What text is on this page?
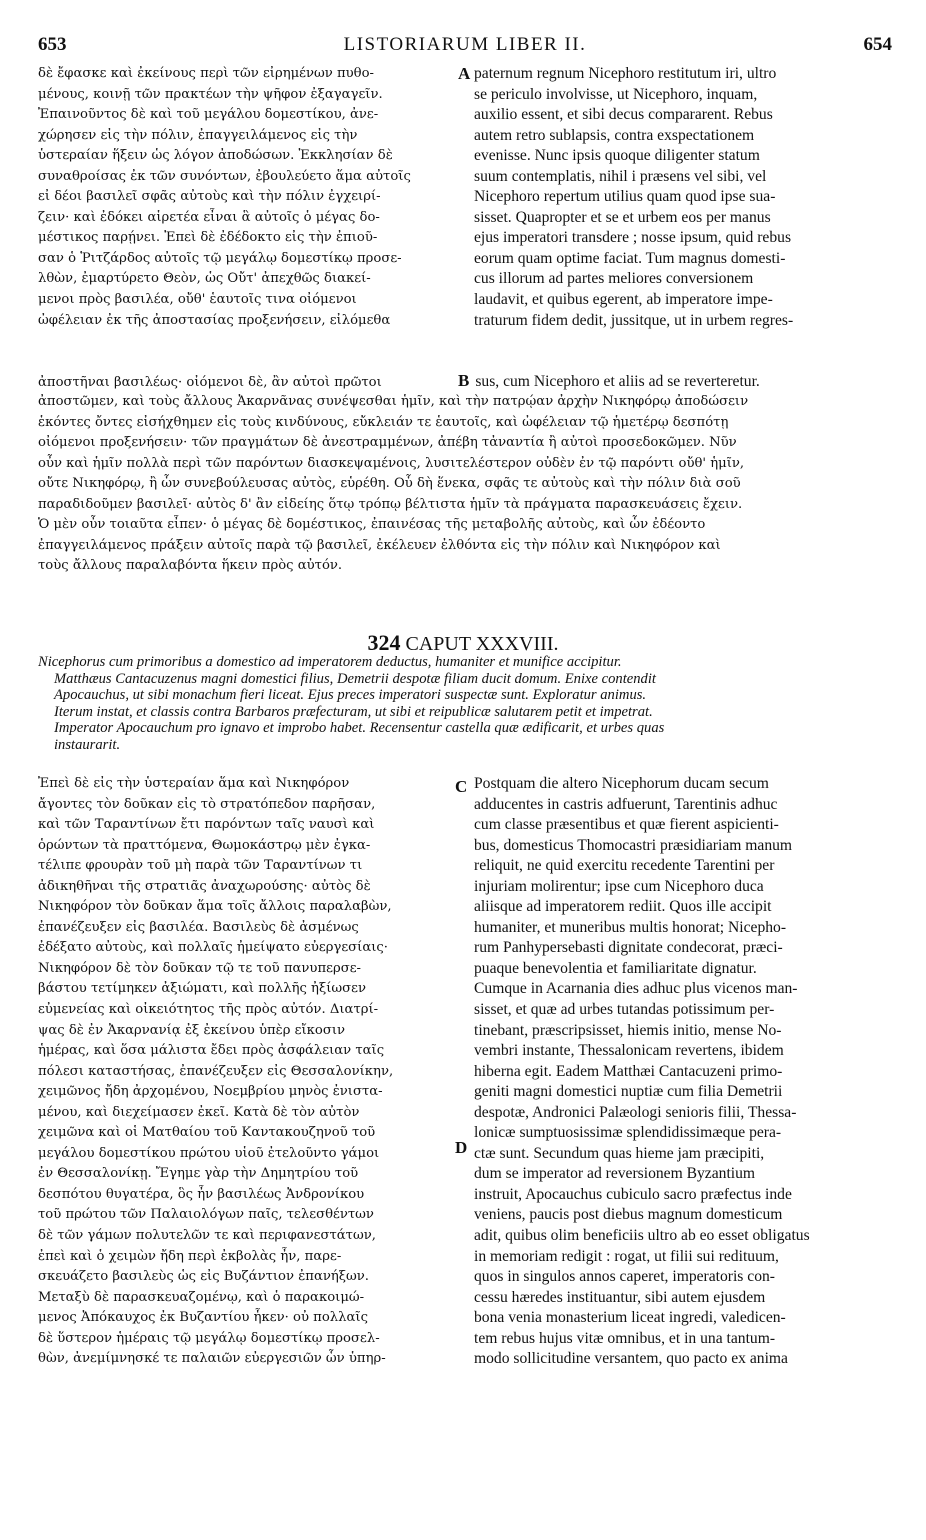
653	LISTORIARUM LIBER II.	654
δὲ ἔφασκε καὶ ἐκείνους περὶ τῶν εἰρημένων πυθο-
μένους, κοινῇ τῶν πρακτέων τὴν ψῆφον ἐξαγαγεῖν.
Ἐπαινοῦντος δὲ καὶ τοῦ μεγάλου δομεστίκου, ἀνε-
χώρησεν εἰς τὴν πόλιν, ἐπαγγειλάμενος εἰς τὴν
ὑστεραίαν ἥξειν ὡς λόγον ἀποδώσων. Ἐκκλησίαν δὲ
συναθροίσας ἐκ τῶν συνόντων, ἐβουλεύετο ἅμα αὐτοῖς
εἰ δέοι βασιλεῖ σφᾶς αὐτοὺς καὶ τὴν πόλιν ἐγχειρί-
ζειν· καὶ ἐδόκει αἱρετέα εἶναι ἃ αὐτοῖς ὁ μέγας δο-
μέστικος παρῄνει. Ἐπεὶ δὲ ἐδέδοκτο εἰς τὴν ἐπιοῦ-
σαν ὁ Ῥιτζάρδος αὐτοῖς τῷ μεγάλῳ δομεστίκῳ προσε-
λθὼν, ἐμαρτύρετο Θεὸν, ὡς Οὔτ' ἀπεχθῶς διακεί-
μενοι πρὸς βασιλέα, οὔθ' ἑαυτοῖς τινα οἰόμενοι
ὠφέλειαν ἐκ τῆς ἀποστασίας προξενήσειν, εἰλόμεθα
A paternum regnum Nicephoro restitutum iri, ultro
se periculo involvisse, ut Nicephoro, inquam,
auxilio essent, et sibi decus compararent. Rebus
autem retro sublapsis, contra exspectationem
evenisse. Nunc ipsis quoque diligenter statum
suum contemplatis, nihil i præsens vel sibi, vel
Nicephoro repertum utilius quam quod ipse sua-
sisset. Quapropter et se et urbem eos per manus
ejus imperatori transdere ; nosse ipsum, quid rebus
eorum quam optime faciat. Tum magnus domesti-
cus illorum ad partes meliores conversionem
laudavit, et quibus egerent, ab imperatore impe-
traturum fidem dedit, jussitque, ut in urbem regres-
ἀποστῆναι βασιλέως· οἰόμενοι δὲ, ἂν αὐτοὶ πρῶτοι	B sus, cum Nicephoro et aliis ad se reverteretur.
ἀποστῶμεν, καὶ τοὺς ἄλλους Ἀκαρνᾶνας συνέψεσθαι ἡμῖν, καὶ τὴν πατρῴαν ἀρχὴν Νικηφόρῳ ἀποδώσειν
ἑκόντες ὄντες εἰσήχθημεν εἰς τοὺς κινδύνους, εὔκλειάν τε ἑαυτοῖς, καὶ ὠφέλειαν τῷ ἡμετέρῳ δεσπότῃ
οἰόμενοι προξενήσειν· τῶν πραγμάτων δὲ ἀνεστραμμένων, ἀπέβη τἀναντία ἢ αὐτοὶ προσεδοκῶμεν. Νῦν
οὖν καὶ ἡμῖν πολλὰ περὶ τῶν παρόντων διασκεψαμένοις, λυσιτελέστερον οὐδὲν ἐν τῷ παρόντι οὔθ' ἡμῖν,
οὔτε Νικηφόρῳ, ἢ ὧν συνεβούλευσας αὐτὸς, εὑρέθη. Οὗ δὴ ἕνεκα, σφᾶς τε αὐτοὺς καὶ τὴν πόλιν διὰ σοῦ
παραδιδοῦμεν βασιλεῖ· αὐτὸς δ' ἂν εἰδείης ὅτῳ τρόπῳ βέλτιστα ἡμῖν τὰ πράγματα παρασκευάσεις ἔχειν.
Ὁ μὲν οὖν τοιαῦτα εἶπεν· ὁ μέγας δὲ δομέστικος, ἐπαινέσας τῆς μεταβολῆς αὐτοὺς, καὶ ὧν ἐδέοντο
ἐπαγγειλάμενος πράξειν αὐτοῖς παρὰ τῷ βασιλεῖ, ἐκέλευεν ἐλθόντα εἰς τὴν πόλιν καὶ Νικηφόρον καὶ
τοὺς ἄλλους παραλαβόντα ἥκειν πρὸς αὐτόν.
324 CAPUT XXXVIII.
Nicephorus cum primoribus a domestico ad imperatorem deductus, humaniter et munifice accipitur.
Matthæus Cantacuzenus magni domestici filius, Demetrii despotæ filiam ducit domum. Enixe contendit
Apocauchus, ut sibi monachum fieri liceat. Ejus preces imperatori suspectæ sunt. Exploratur animus.
Iterum instat, et classis contra Barbaros præfecturam, ut sibi et reipublicæ salutarem petit et impetrat.
Imperator Apocauchum pro ignavo et improbo habet. Recensentur castella quæ ædificarit, et urbes quas
instaurarit.
Ἐπεὶ δὲ εἰς τὴν ὑστεραίαν ἅμα καὶ Νικηφόρον
ἄγοντες τὸν δοῦκαν εἰς τὸ στρατόπεδον παρῆσαν,
καὶ τῶν Ταραντίνων ἔτι παρόντων ταῖς ναυσὶ καὶ
ὁρώντων τὰ πραττόμενα, Θωμοκάστρῳ μὲν ἐγκα-
τέλιπε φρουρὰν τοῦ μὴ παρὰ τῶν Ταραντίνων τι
ἀδικηθῆναι τῆς στρατιᾶς ἀναχωρούσης· αὐτὸς δὲ
Νικηφόρον τὸν δοῦκαν ἅμα τοῖς ἄλλοις παραλαβὼν,
ἐπανέζευξεν εἰς βασιλέα. Βασιλεὺς δὲ ἀσμένως
ἐδέξατο αὐτοὺς, καὶ πολλαῖς ἠμείψατο εὐεργεσίαις·
Νικηφόρον δὲ τὸν δοῦκαν τῷ τε τοῦ πανυπερσε-
βάστου τετίμηκεν ἀξιώματι, καὶ πολλῆς ἠξίωσεν
εὐμενείας καὶ οἰκειότητος τῆς πρὸς αὐτόν. Διατρί-
ψας δὲ ἐν Ἀκαρνανίᾳ ἐξ ἐκείνου ὑπὲρ εἴκοσιν
ἡμέρας, καὶ ὅσα μάλιστα ἔδει πρὸς ἀσφάλειαν ταῖς
πόλεσι καταστήσας, ἐπανέζευξεν εἰς Θεσσαλονίκην,
χειμῶνος ἤδη ἀρχομένου, Νοεμβρίου μηνὸς ἐνιστα-
μένου, καὶ διεχείμασεν ἐκεῖ. Κατὰ δὲ τὸν αὐτὸν
χειμῶνα καὶ οἱ Ματθαίου τοῦ Καντακουζηνοῦ τοῦ
μεγάλου δομεστίκου πρώτου υἱοῦ ἐτελοῦντο γάμοι
ἐν Θεσσαλονίκῃ. Ἔγημε γὰρ τὴν Δημητρίου τοῦ
δεσπότου θυγατέρα, ὃς ἦν βασιλέως Ἀνδρονίκου
τοῦ πρώτου τῶν Παλαιολόγων παῖς, τελεσθέντων
δὲ τῶν γάμων πολυτελῶν τε καὶ περιφανεστάτων,
ἐπεὶ καὶ ὁ χειμὼν ἤδη περὶ ἐκβολὰς ἦν, παρε-
σκευάζετο βασιλεὺς ὡς εἰς Βυζάντιον ἐπανήξων.
Μεταξὺ δὲ παρασκευαζομένῳ, καὶ ὁ παρακοιμώ-
μενος Ἀπόκαυχος ἐκ Βυζαντίου ἧκεν· οὐ πολλαῖς
δὲ ὕστερον ἡμέραις τῷ μεγάλῳ δομεστίκῳ προσελ-
θὼν, ἀνεμίμνησκέ τε παλαιῶν εὐεργεσιῶν ὧν ὑπηρ-
C
D
Postquam die altero Nicephorum ducam secum
adducentes in castris adfuerunt, Tarentinis adhuc
cum classe præsentibus et quæ fierent aspicienti-
bus, domesticus Thomocastri præsidiariam manum
reliquit, ne quid exercitu recedente Tarentini per
injuriam molirentur; ipse cum Nicephoro duca
aliisque ad imperatorem rediit. Quos ille accipit
humaniter, et muneribus multis honorat; Nicepho-
rum Panhypersebasti dignitate condecorat, præci-
puaque benevolentia et familiaritate dignatur.
Cumque in Acarnania dies adhuc plus vicenos man-
sisset, et quæ ad urbes tutandas potissimum per-
tinebant, præscripsisset, hiemis initio, mense No-
vembri instante, Thessalonicam revertens, ibidem
hiberna egit. Eadem Matthæi Cantacuzeni primo-
geniti magni domestici nuptiæ cum filia Demetrii
despotæ, Andronici Palæologi senioris filii, Thessa-
lonicæ sumptuosissimæ splendidissimæque pera-
ctæ sunt. Secundum quas hieme jam præcipiti,
dum se imperator ad reversionem Byzantium
instruit, Apocauchus cubiculo sacro præfectus inde
veniens, paucis post diebus magnum domesticum
adit, quibus olim beneficiis ultro ab eo esset obligatus
in memoriam redigit : rogat, ut filii sui redituum,
quos in singulos annos caperet, imperatoris con-
cessu hæredes instituantur, sibi autem ejusdem
bona venia monasterium liceat ingredi, valedicen-
tem rebus hujus vitæ omnibus, et in una tantum-
modo sollicitudine versantem, quo pacto ex anima
